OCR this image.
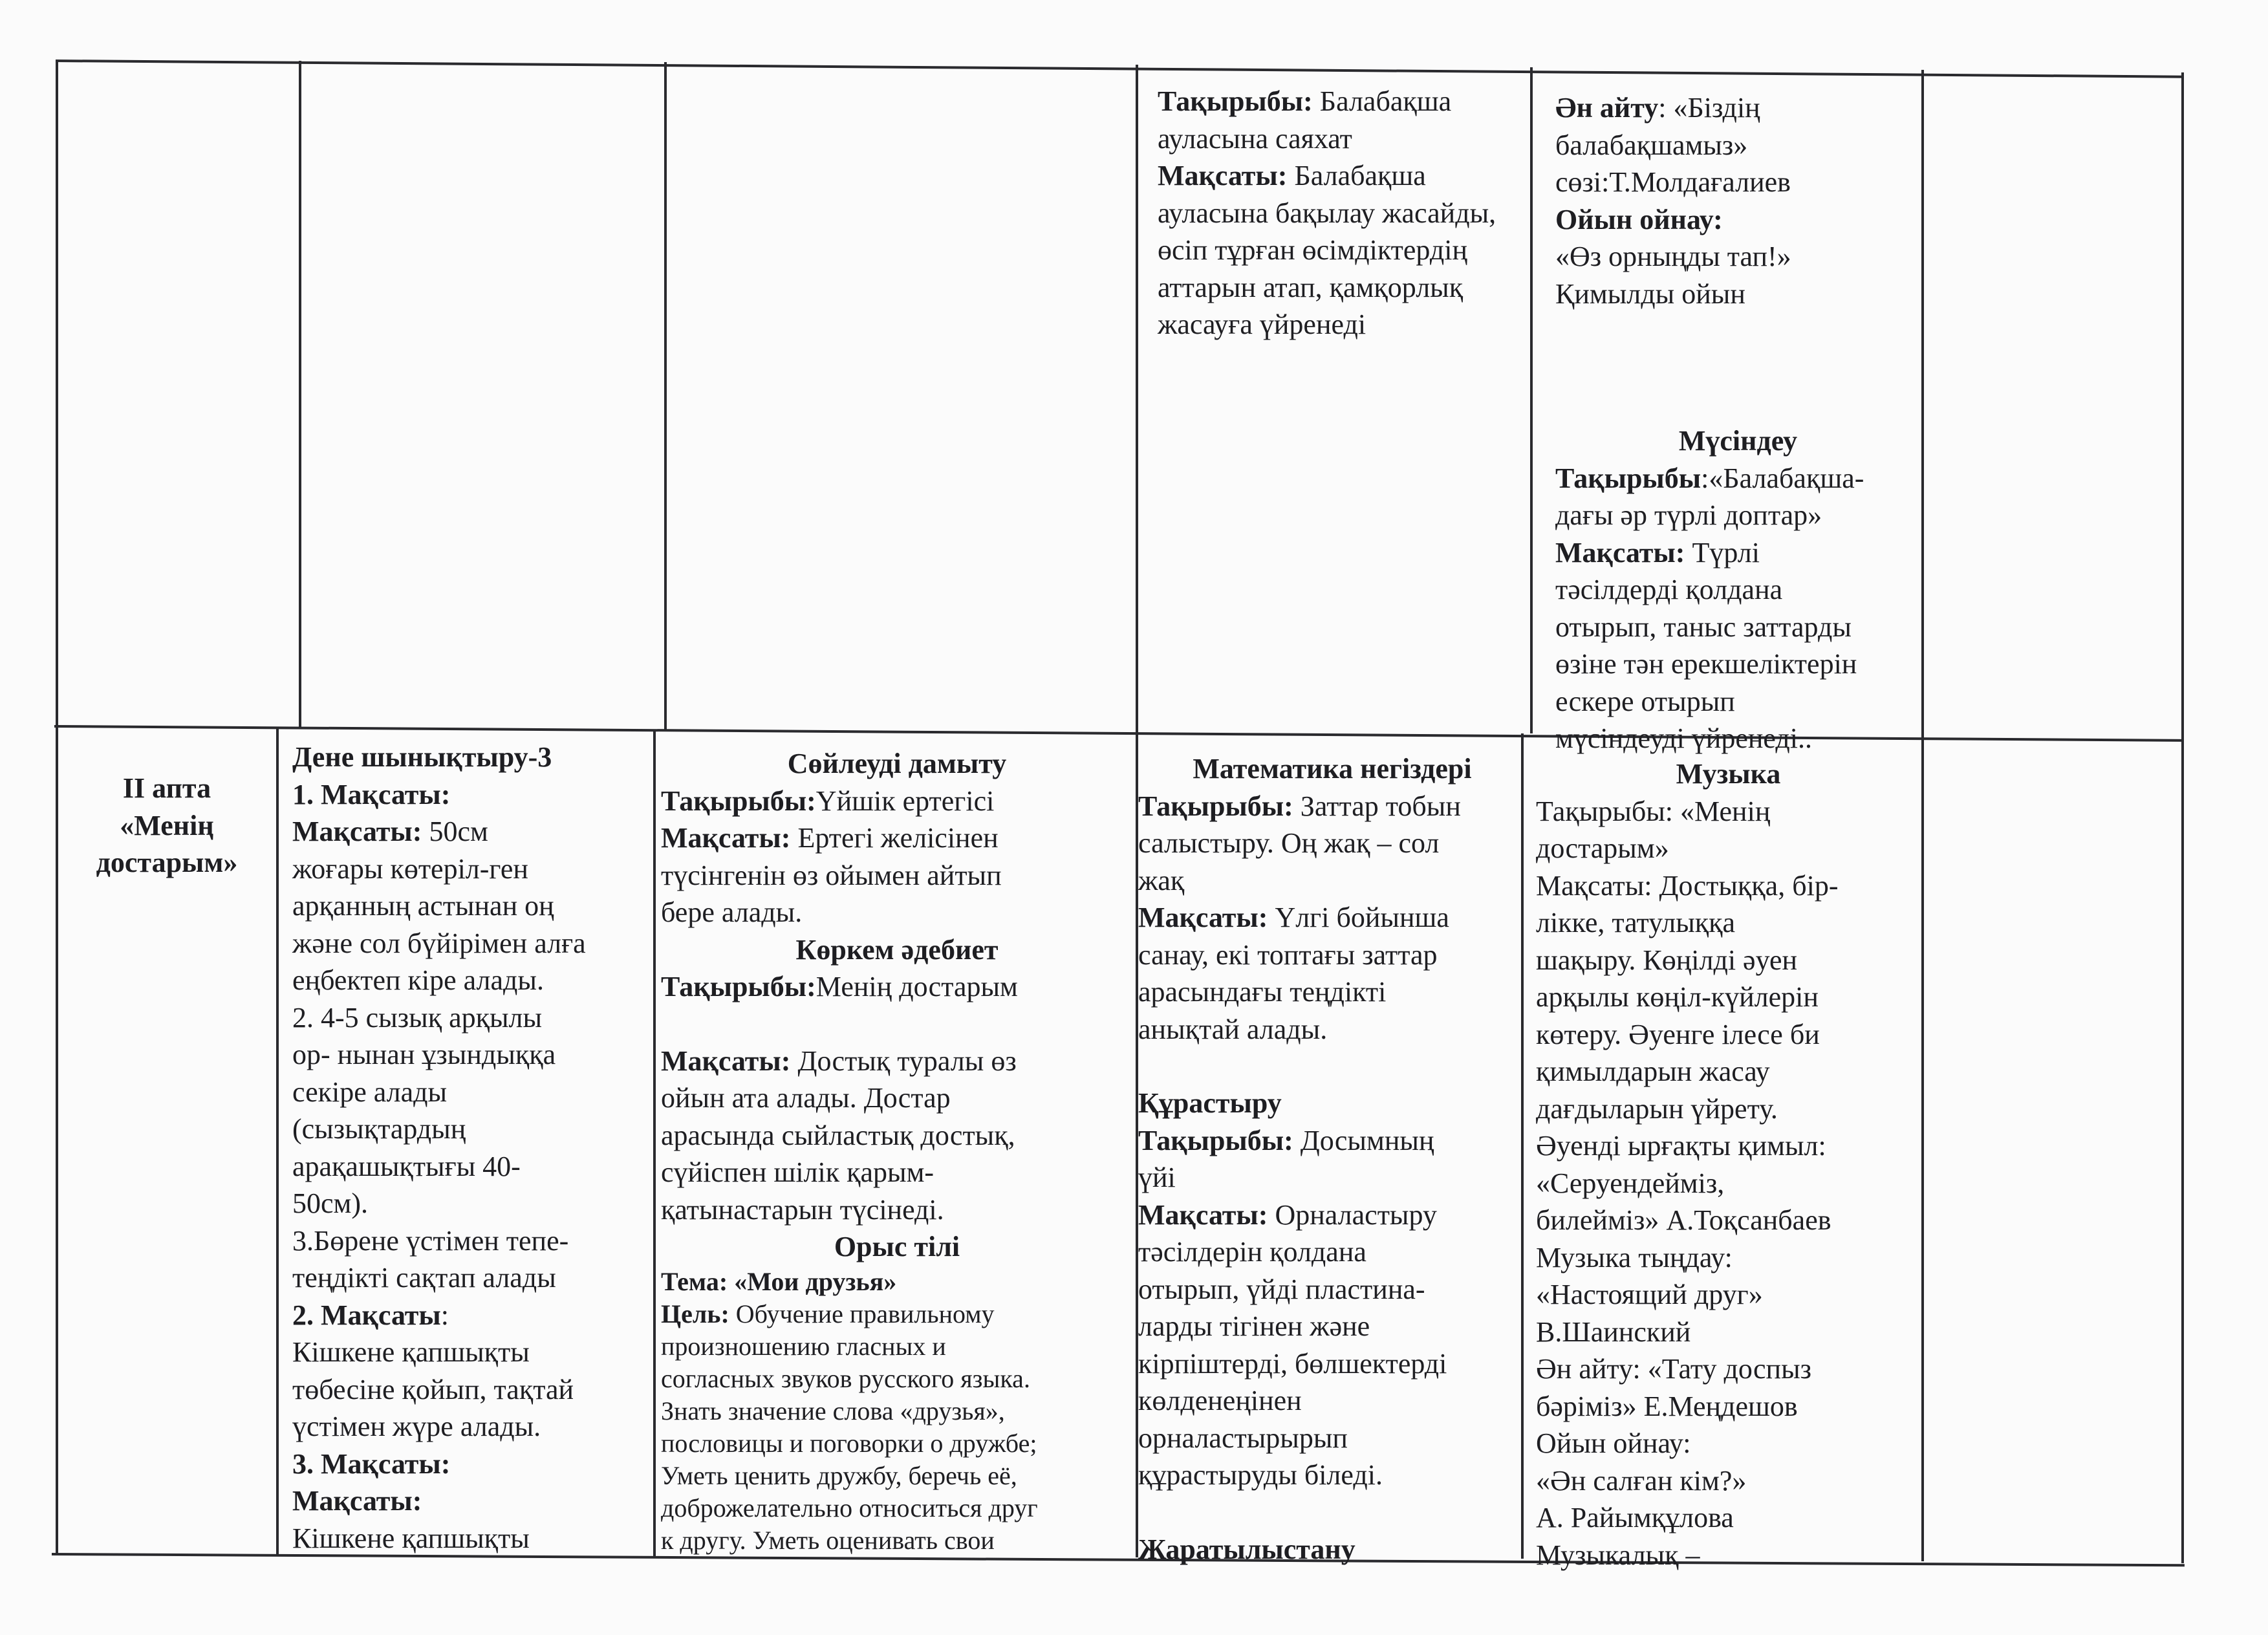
Тақырыбы: Балабақша

ауласына саяхат

Мақсаты: Балабақша

ауласына бақылау жасайды,

өсіп тұрған өсімдіктердің

аттарын атап, қамқорлық

жасауға үйренеді

Ән айту: «Біздің

балабақшамыз»

сөзі:Т.Молдағалиев

Ойын ойнау:

«Өз орныңды тап!»

Қимылды ойын

Мүсіндеу

Тақырыбы:«Балабақша-

дағы әр түрлі доптар»

Мақсаты: Түрлі

тәсілдерді қолдана

отырып, таныс заттарды

өзіне тән ерекшеліктерін

ескере отырып

мүсіндеуді үйренеді..

II апта

«Менің

достарым»

Дене шынықтыру-3

1. Мақсаты:

Мақсаты: 50см

жоғары көтеріл-ген

арқанның астынан оң

және сол бүйірімен алға

еңбектеп кіре алады.

2. 4-5 сызық арқылы

ор- нынан ұзындыққа

секіре алады

(сызықтардың

арақашықтығы 40-

50см).

3.Бөрене үстімен тепе-

теңдікті сақтап алады

2. Мақсаты:

Кішкене қапшықты

төбесіне қойып, тақтай

үстімен жүре алады.

3. Мақсаты:

Мақсаты:

Кішкене қапшықты

Сөйлеуді дамыту

Тақырыбы:Үйшік ертегісі

Мақсаты: Ертегі желісінен

түсінгенін өз ойымен айтып

бере алады.

Көркем әдебиет

Тақырыбы:Менің достарым

Мақсаты: Достық туралы өз

ойын ата алады. Достар

арасында сыйластық достық,

сүйіспен шілік қарым-

қатынастарын түсінеді.

Орыс тілі

Тема: «Мои друзья»

Цель: Обучение правильному

произношению гласных и

согласных звуков русского языка.

Знать значение слова «друзья»,

пословицы и поговорки о дружбе;

Уметь ценить дружбу, беречь её,

доброжелательно относиться друг

к другу. Уметь оценивать свои

Математика негіздері

Тақырыбы: Заттар тобын

салыстыру. Оң жақ – сол

жақ

Мақсаты: Үлгі бойынша

санау, екі топтағы заттар

арасындағы теңдікті

анықтай алады.

Құрастыру

Тақырыбы: Досымның

үйі

Мақсаты: Орналастыру

тәсілдерін қолдана

отырып, үйді пластина-

ларды тігінен және

кірпіштерді, бөлшектерді

көлденеңінен

орналастырырып

құрастыруды біледі.

Жаратылыстану

Музыка

Тақырыбы: «Менің

достарым»

Мақсаты: Достыққа, бір-

лікке, татулыққа

шақыру. Көңілді әуен

арқылы көңіл-күйлерін

көтеру. Әуенге ілесе би

қимылдарын жасау

дағдыларын үйрету.

Әуенді ырғақты қимыл:

«Серуендейміз,

билейміз» А.Тоқсанбаев

Музыка тыңдау:

«Настоящий друг»

В.Шаинский

Ән айту: «Тату доспыз

бәріміз» Е.Меңдешов

Ойын ойнау:

«Ән салған кім?»

А. Райымқұлова

Музыкалық –
